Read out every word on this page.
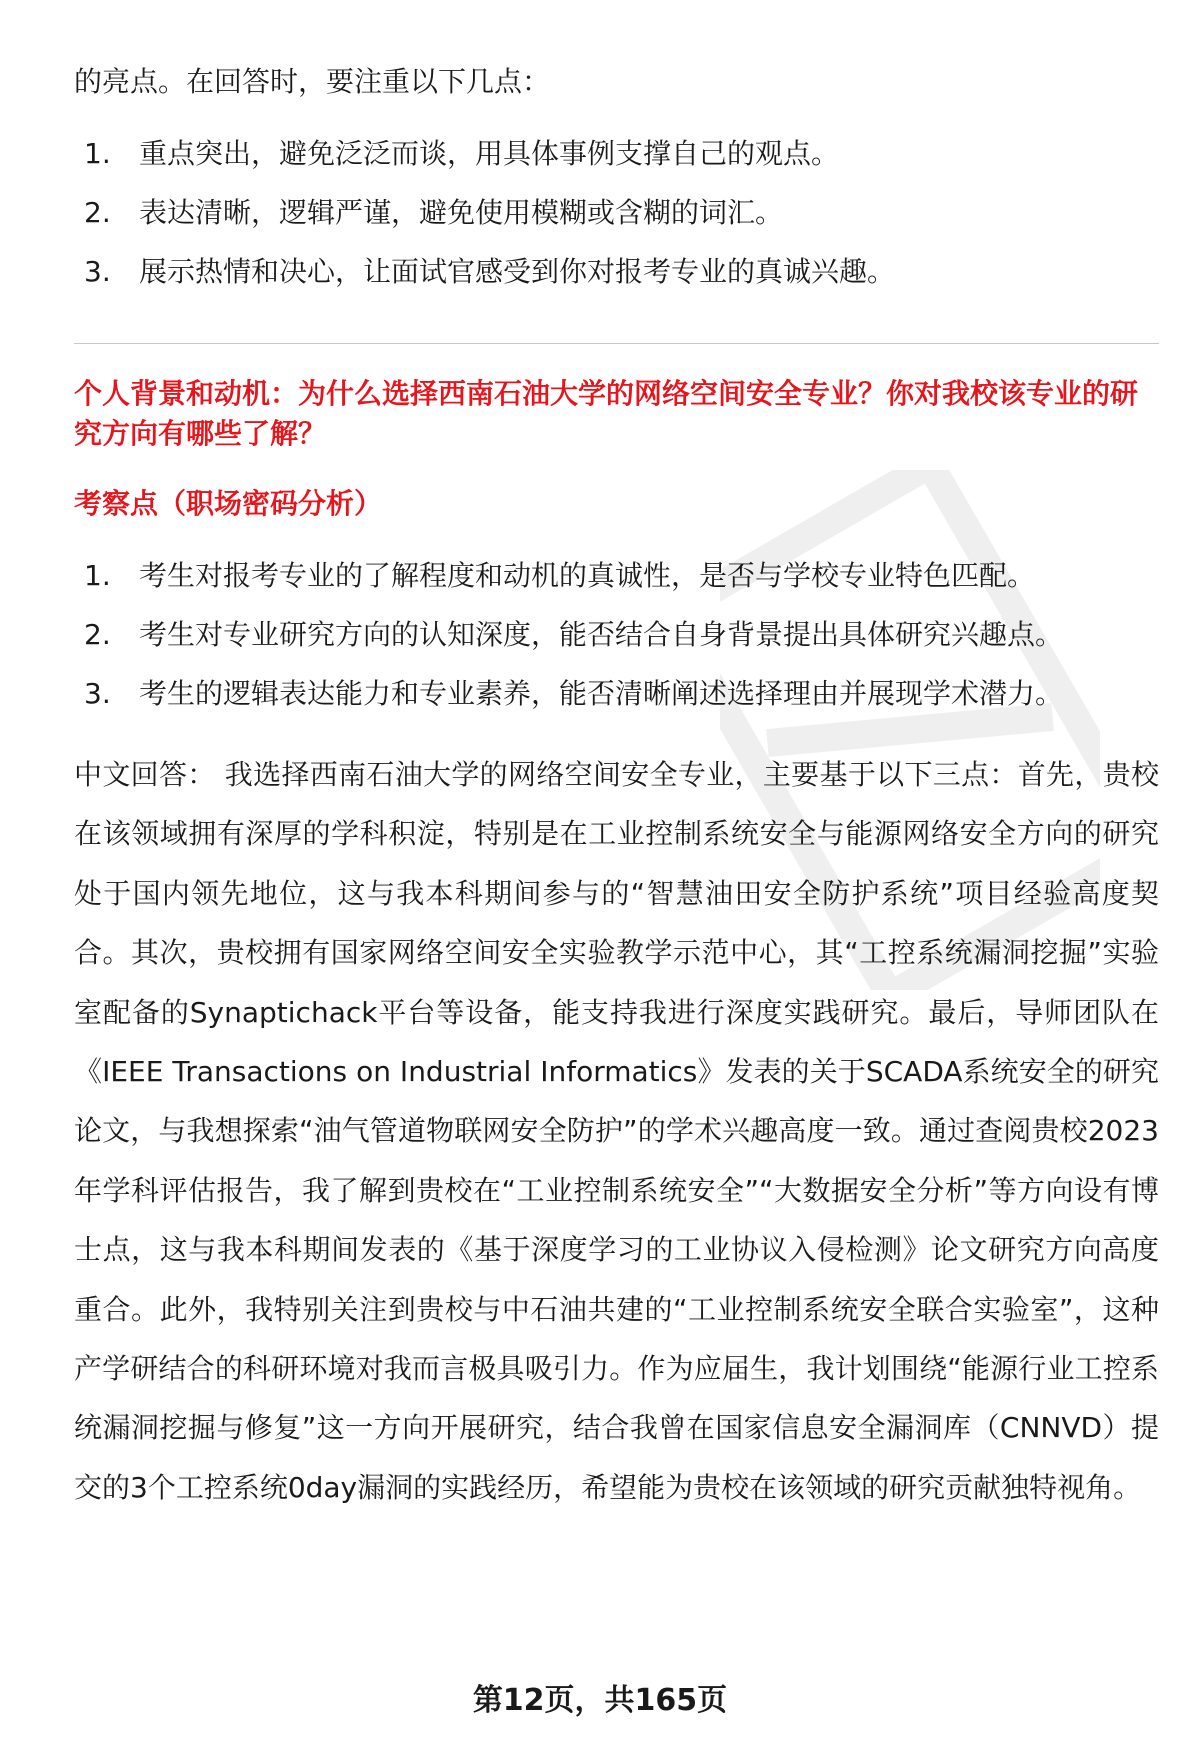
的亮点。在回答时，要注重以下几点：

1.	重点突出，避免泛泛而谈，用具体事例支撑自己的观点。
2.	表达清晰，逻辑严谨，避免使用模糊或含糊的词汇。
3.	展示热情和决心，让面试官感受到你对报考专业的真诚兴趣。
个人背景和动机：为什么选择西南石油大学的网络空间安全专业？你对我校该专业的研究方向有哪些了解？
考察点（职场密码分析）
1.	考生对报考专业的了解程度和动机的真诚性，是否与学校专业特色匹配。
2.	考生对专业研究方向的认知深度，能否结合自身背景提出具体研究兴趣点。
3.	考生的逻辑表达能力和专业素养，能否清晰阐述选择理由并展现学术潜力。
中文回答： 我选择西南石油大学的网络空间安全专业，主要基于以下三点：首先，贵校在该领域拥有深厚的学科积淀，特别是在工业控制系统安全与能源网络安全方向的研究处于国内领先地位，这与我本科期间参与的“智慧油田安全防护系统”项目经验高度契合。其次，贵校拥有国家网络空间安全实验教学示范中心，其“工控系统漏洞挖掘”实验室配备的Synaptichack平台等设备，能支持我进行深度实践研究。最后，导师团队在《IEEE Transactions on Industrial Informatics》发表的关于SCADA系统安全的研究论文，与我想探索“油气管道物联网安全防护”的学术兴趣高度一致。通过查阅贵校2023年学科评估报告，我了解到贵校在“工业控制系统安全”“大数据安全分析”等方向设有博士点，这与我本科期间发表的《基于深度学习的工业协议入侵检测》论文研究方向高度重合。此外，我特别关注到贵校与中石油共建的“工业控制系统安全联合实验室”，这种产学研结合的科研环境对我而言极具吸引力。作为应届生，我计划围绕“能源行业工控系统漏洞挖掘与修复”这一方向开展研究，结合我曾在国家信息安全漏洞库（CNNVD）提交的3个工控系统0day漏洞的实践经历，希望能为贵校在该领域的研究贡献独特视角。
第12页，共165页
